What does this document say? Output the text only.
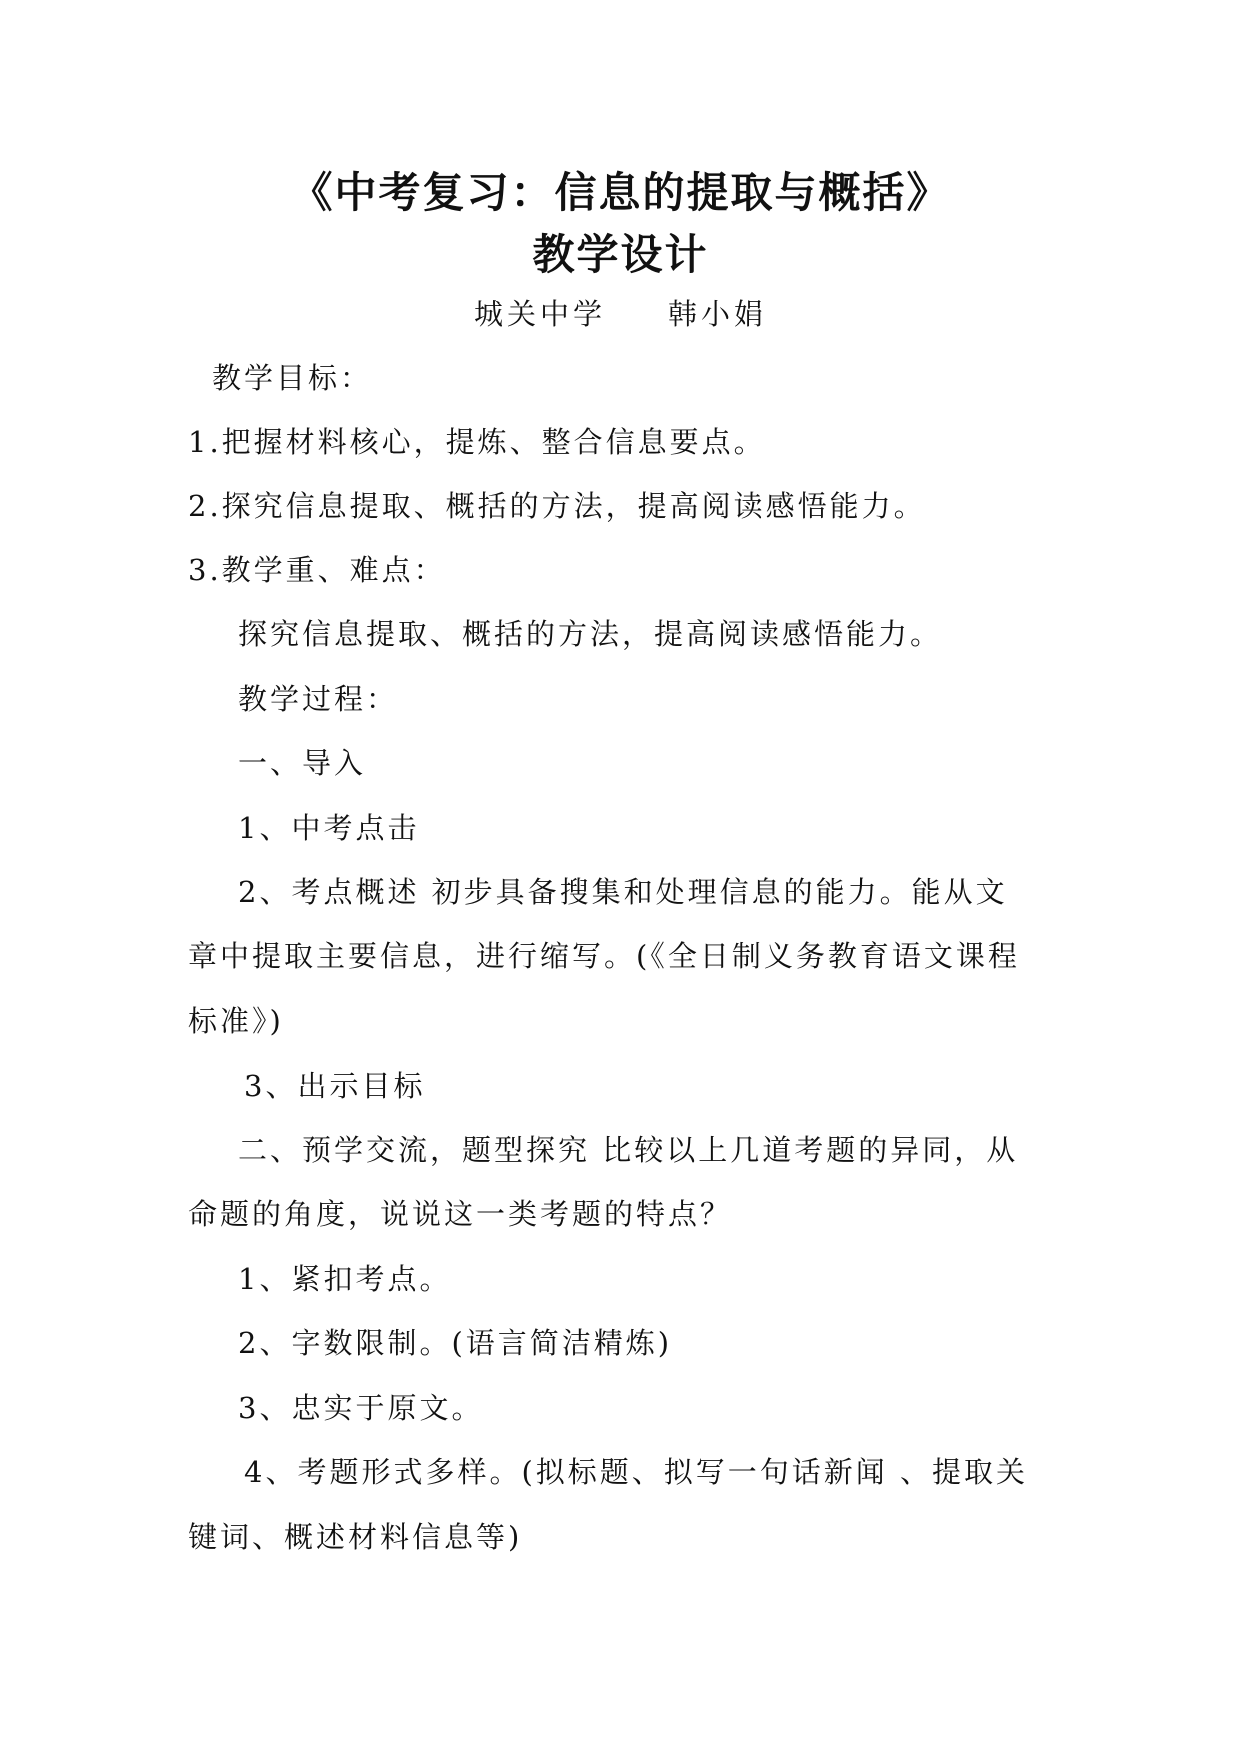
《中考复习：信息的提取与概括》
教学设计
城关中学 韩小娟
教学目标：
1.把握材料核心，提炼、整合信息要点。
2.探究信息提取、概括的方法，提高阅读感悟能力。
3.教学重、难点：
探究信息提取、概括的方法，提高阅读感悟能力。
教学过程：
一、导入
1、中考点击
2、考点概述 初步具备搜集和处理信息的能力。能从文
章中提取主要信息，进行缩写。(《全日制义务教育语文课程
标准》)
3、出示目标
二、预学交流，题型探究 比较以上几道考题的异同，从
命题的角度，说说这一类考题的特点？
1、紧扣考点。
2、字数限制。(语言简洁精炼)
3、忠实于原文。
4、考题形式多样。(拟标题、拟写一句话新闻 、提取关
键词、概述材料信息等)
